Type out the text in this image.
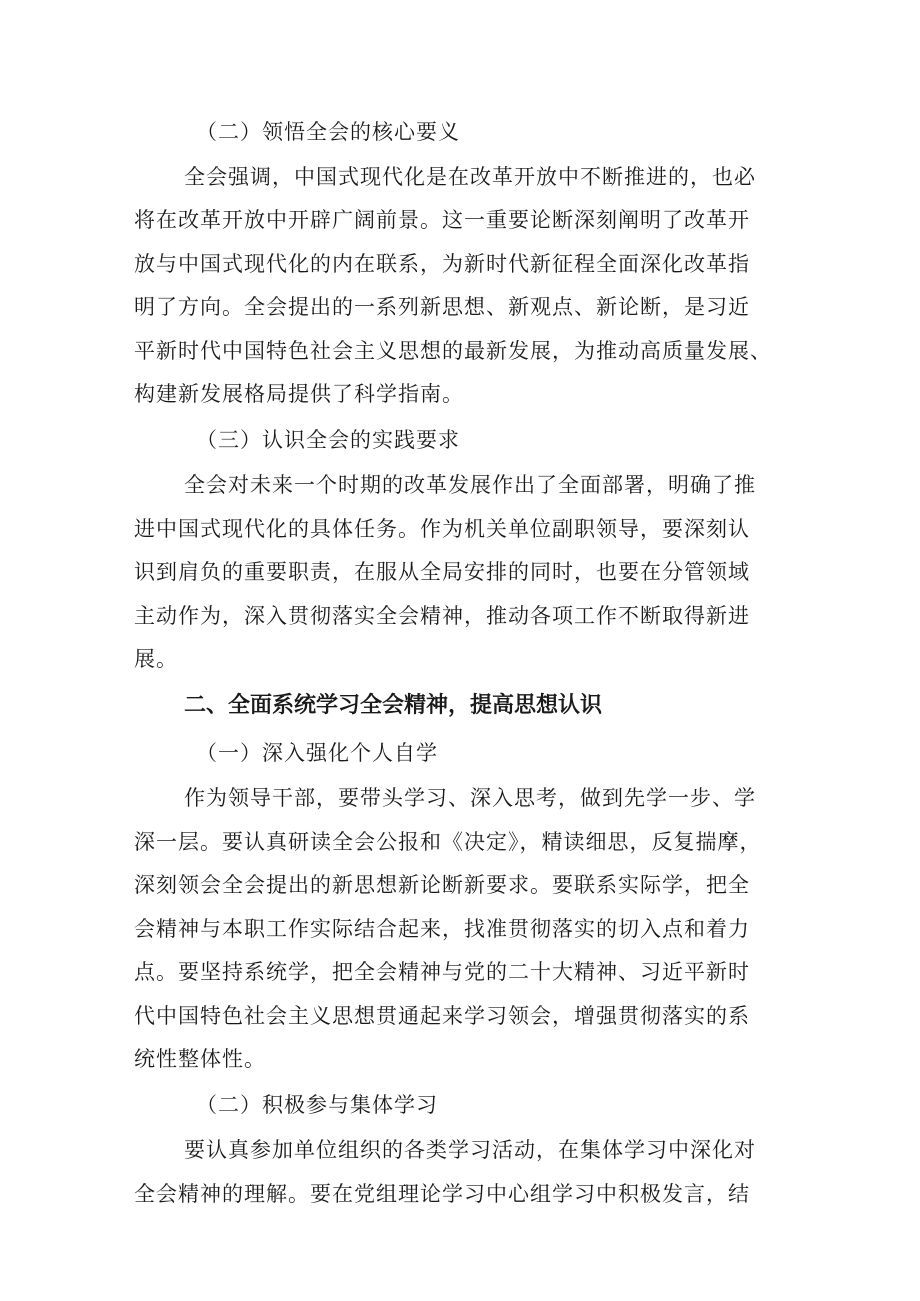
（二）领悟全会的核心要义
全会强调，中国式现代化是在改革开放中不断推进的，也必
将在改革开放中开辟广阔前景。这一重要论断深刻阐明了改革开
放与中国式现代化的内在联系，为新时代新征程全面深化改革指
明了方向。全会提出的一系列新思想、新观点、新论断，是习近
平新时代中国特色社会主义思想的最新发展，为推动高质量发展、
构建新发展格局提供了科学指南。
（三）认识全会的实践要求
全会对未来一个时期的改革发展作出了全面部署，明确了推
进中国式现代化的具体任务。作为机关单位副职领导，要深刻认
识到肩负的重要职责，在服从全局安排的同时，也要在分管领域
主动作为，深入贯彻落实全会精神，推动各项工作不断取得新进
展。
二、全面系统学习全会精神，提高思想认识
（一）深入强化个人自学
作为领导干部，要带头学习、深入思考，做到先学一步、学
深一层。要认真研读全会公报和《决定》，精读细思，反复揣摩，
深刻领会全会提出的新思想新论断新要求。要联系实际学，把全
会精神与本职工作实际结合起来，找准贯彻落实的切入点和着力
点。要坚持系统学，把全会精神与党的二十大精神、习近平新时
代中国特色社会主义思想贯通起来学习领会，增强贯彻落实的系
统性整体性。
（二）积极参与集体学习
要认真参加单位组织的各类学习活动，在集体学习中深化对
全会精神的理解。要在党组理论学习中心组学习中积极发言，结
